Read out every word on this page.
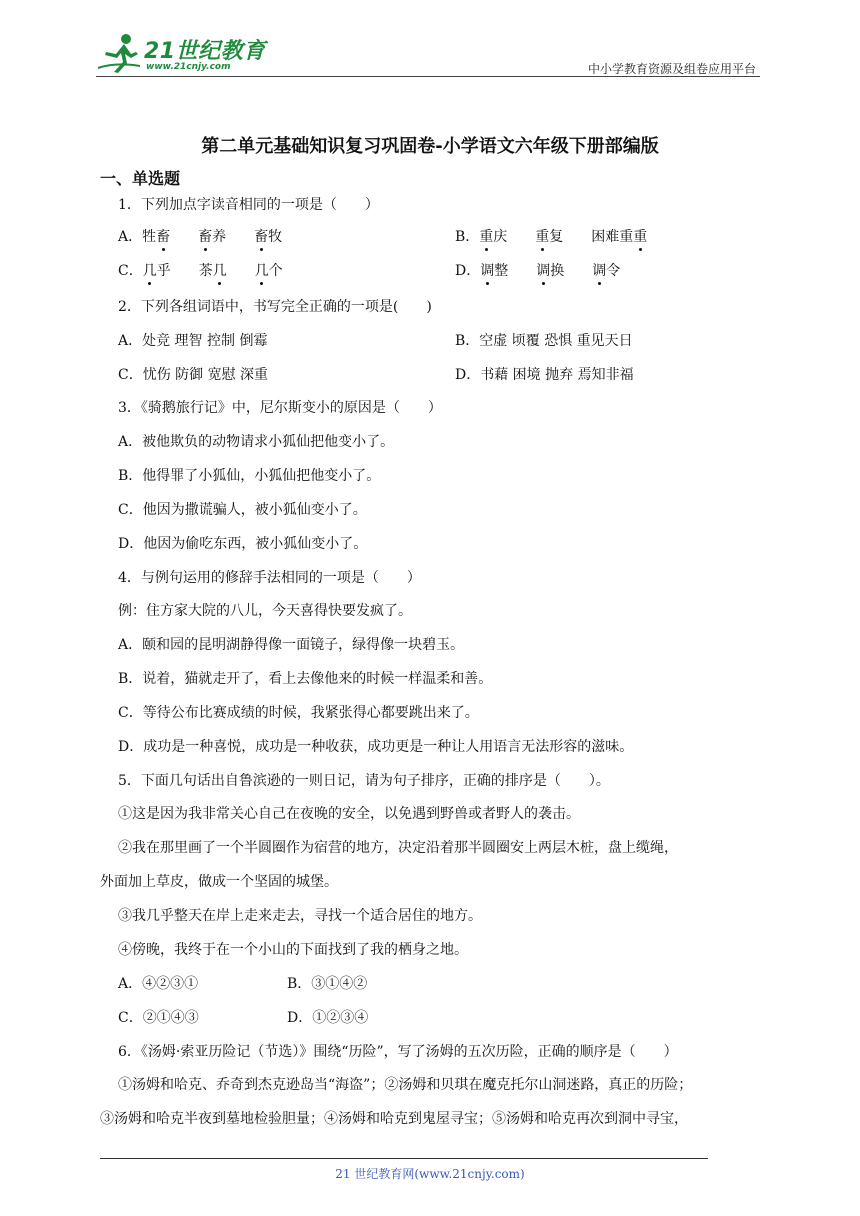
21世纪教育
www.21cnjy.com	中小学教育资源及组卷应用平台
第二单元基础知识复习巩固卷-小学语文六年级下册部编版
一、单选题
1．下列加点字读音相同的一项是（　　）
A．牲畜　　 畜养　　畜牧	B．重庆　　重复　　困难重重
C．几乎　　茶几　　 几个	D．调整　　调换　　调令
2．下列各组词语中，书写完全正确的一项是(　　)
A．处竞 理智 控制 倒霉	B．空虚 顷覆 恐惧 重见天日
C．忧伤 防御 宽慰 深重	D．书藉 困境 抛弃 焉知非福
3．《骑鹅旅行记》中，尼尔斯变小的原因是（　　）
A．被他欺负的动物请求小狐仙把他变小了。
B．他得罪了小狐仙，小狐仙把他变小了。
C．他因为撒谎骗人，被小狐仙变小了。
D．他因为偷吃东西，被小狐仙变小了。
4．与例句运用的修辞手法相同的一项是（　　）
例：住方家大院的八儿，今天喜得快要发疯了。
A．颐和园的昆明湖静得像一面镜子，绿得像一块碧玉。
B．说着，猫就走开了，看上去像他来的时候一样温柔和善。
C．等待公布比赛成绩的时候，我紧张得心都要跳出来了。
D．成功是一种喜悦，成功是一种收获，成功更是一种让人用语言无法形容的滋味。
5．下面几句话出自鲁滨逊的一则日记，请为句子排序，正确的排序是（　　）。
①这是因为我非常关心自己在夜晚的安全，以免遇到野兽或者野人的袭击。
②我在那里画了一个半圆圈作为宿营的地方，决定沿着那半圆圈安上两层木桩，盘上缆绳，
外面加上草皮，做成一个坚固的城堡。
③我几乎整天在岸上走来走去，寻找一个适合居住的地方。
④傍晚，我终于在一个小山的下面找到了我的栖身之地。
A．④②③①	B．③①④②
C．②①④③	D．①②③④
6．《汤姆·索亚历险记（节选）》围绕“历险”，写了汤姆的五次历险，正确的顺序是（　　）
①汤姆和哈克、乔奇到杰克逊岛当“海盗”；②汤姆和贝琪在魔克托尔山洞迷路，真正的历险；
③汤姆和哈克半夜到墓地检验胆量；④汤姆和哈克到鬼屋寻宝；⑤汤姆和哈克再次到洞中寻宝，
21 世纪教育网(www.21cnjy.com)
